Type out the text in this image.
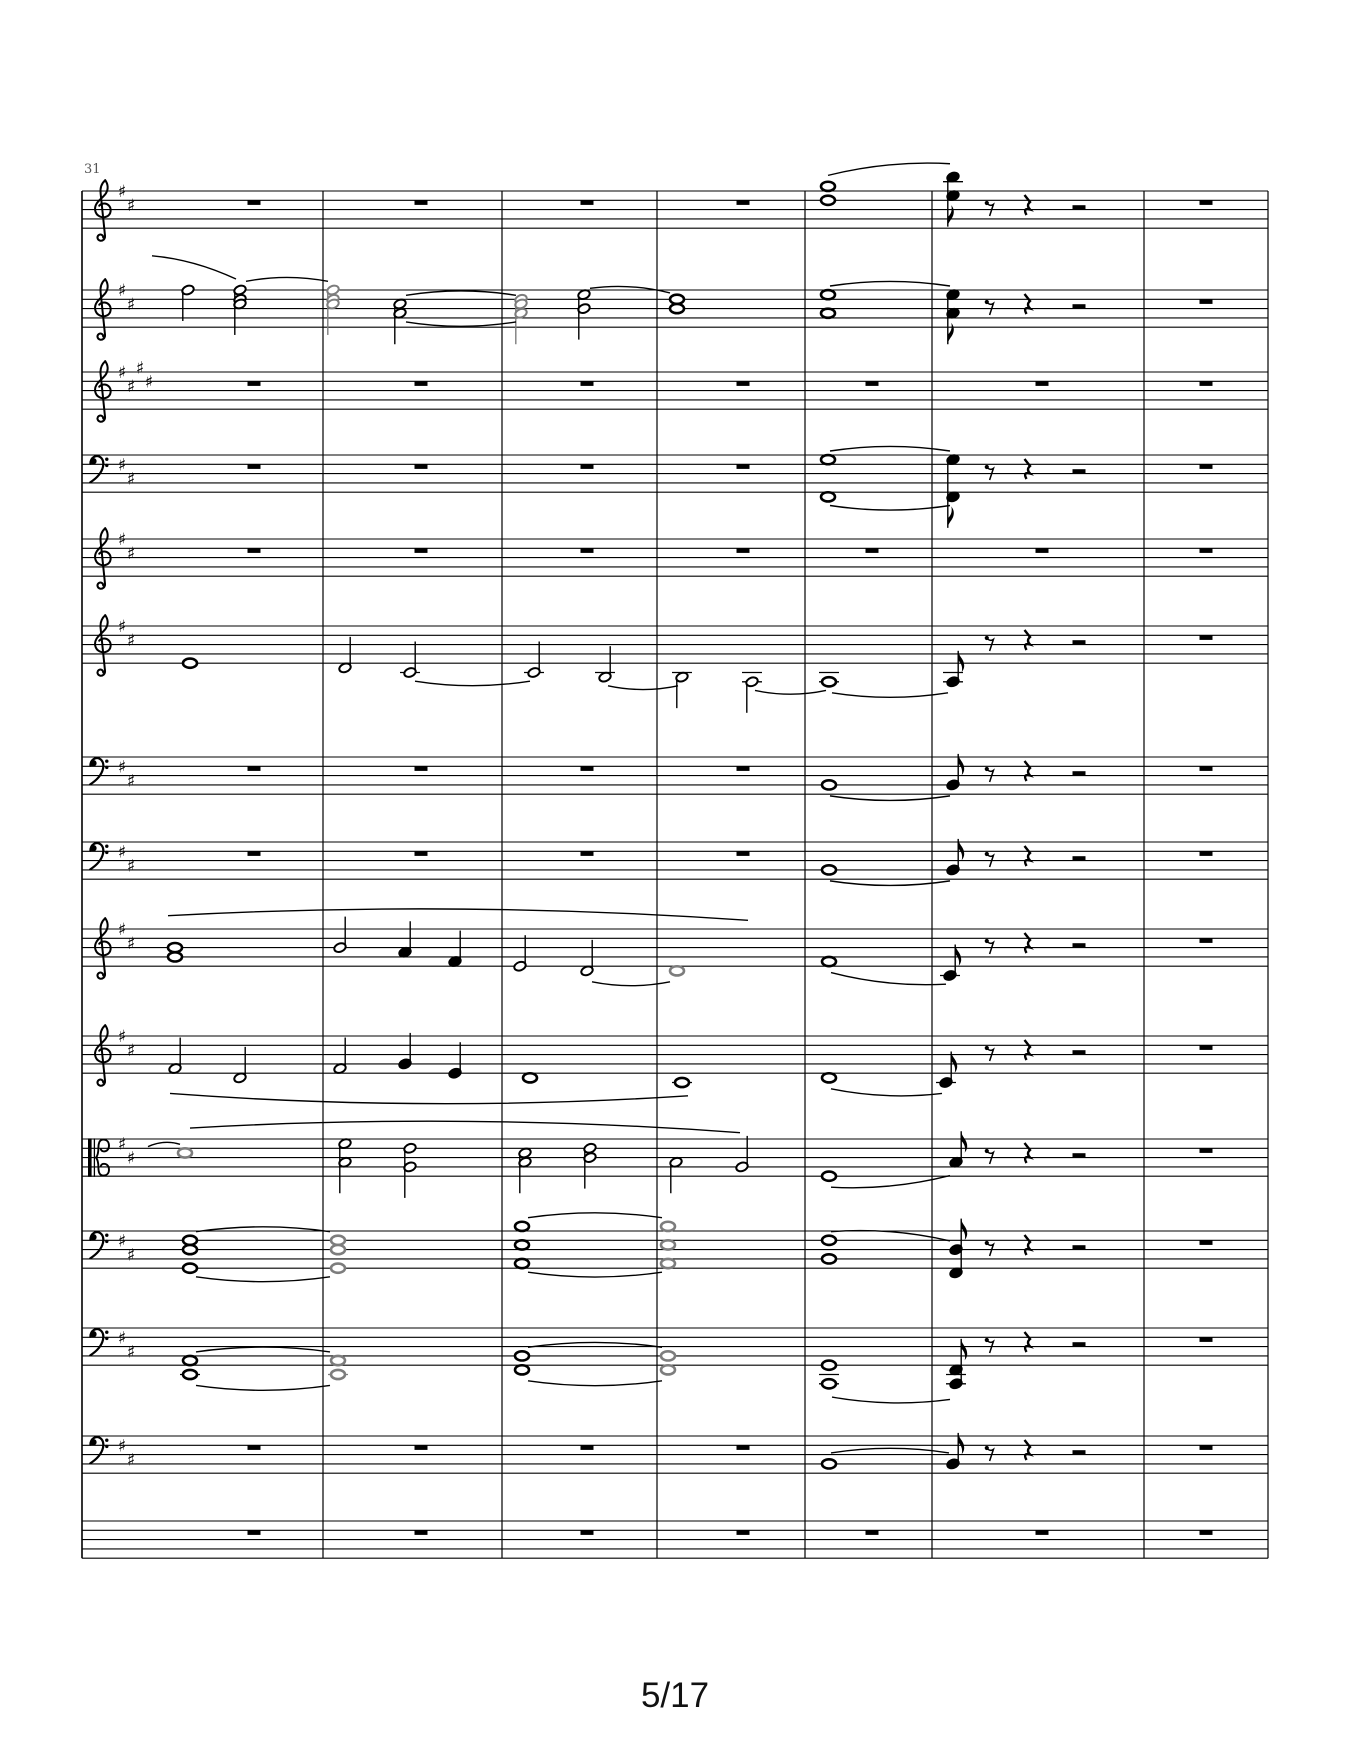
31
♯
♯
♯
♯
♯
♯
♯
♯
♯
♯
♯
♯
♯
♯
♯
♯
♯
♯
♯
♯
♯
♯
♯
♯
♯
♯
♯
♯
♯
♯
5/17
